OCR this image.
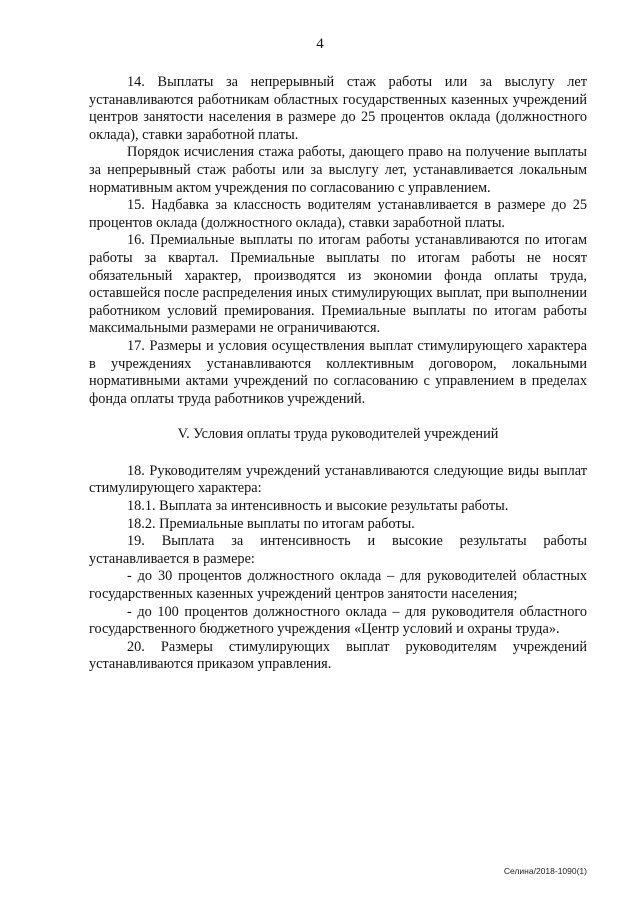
4

14. Выплаты за непрерывный стаж работы или за выслугу лет устанавливаются работникам областных государственных казенных учреждений центров занятости населения в размере до 25 процентов оклада (должностного оклада), ставки заработной платы.

Порядок исчисления стажа работы, дающего право на получение выплаты за непрерывный стаж работы или за выслугу лет, устанавливается локальным нормативным актом учреждения по согласованию с управлением.

15. Надбавка за классность водителям устанавливается в размере до 25 процентов оклада (должностного оклада), ставки заработной платы.

16. Премиальные выплаты по итогам работы устанавливаются по итогам работы за квартал. Премиальные выплаты по итогам работы не носят обязательный характер, производятся из экономии фонда оплаты труда, оставшейся после распределения иных стимулирующих выплат, при выполнении работником условий премирования. Премиальные выплаты по итогам работы максимальными размерами не ограничиваются.

17. Размеры и условия осуществления выплат стимулирующего характера в учреждениях устанавливаются коллективным договором, локальными нормативными актами учреждений по согласованию с управлением в пределах фонда оплаты труда работников учреждений.

V. Условия оплаты труда руководителей учреждений

18. Руководителям учреждений устанавливаются следующие виды выплат стимулирующего характера:

18.1. Выплата за интенсивность и высокие результаты работы.

18.2. Премиальные выплаты по итогам работы.

19. Выплата за интенсивность и высокие результаты работы устанавливается в размере:

- до 30 процентов должностного оклада – для руководителей областных государственных казенных учреждений центров занятости населения;

- до 100 процентов должностного оклада – для руководителя областного государственного бюджетного учреждения «Центр условий и охраны труда».

20. Размеры стимулирующих выплат руководителям учреждений устанавливаются приказом управления.

Селина/2018-1090(1)
